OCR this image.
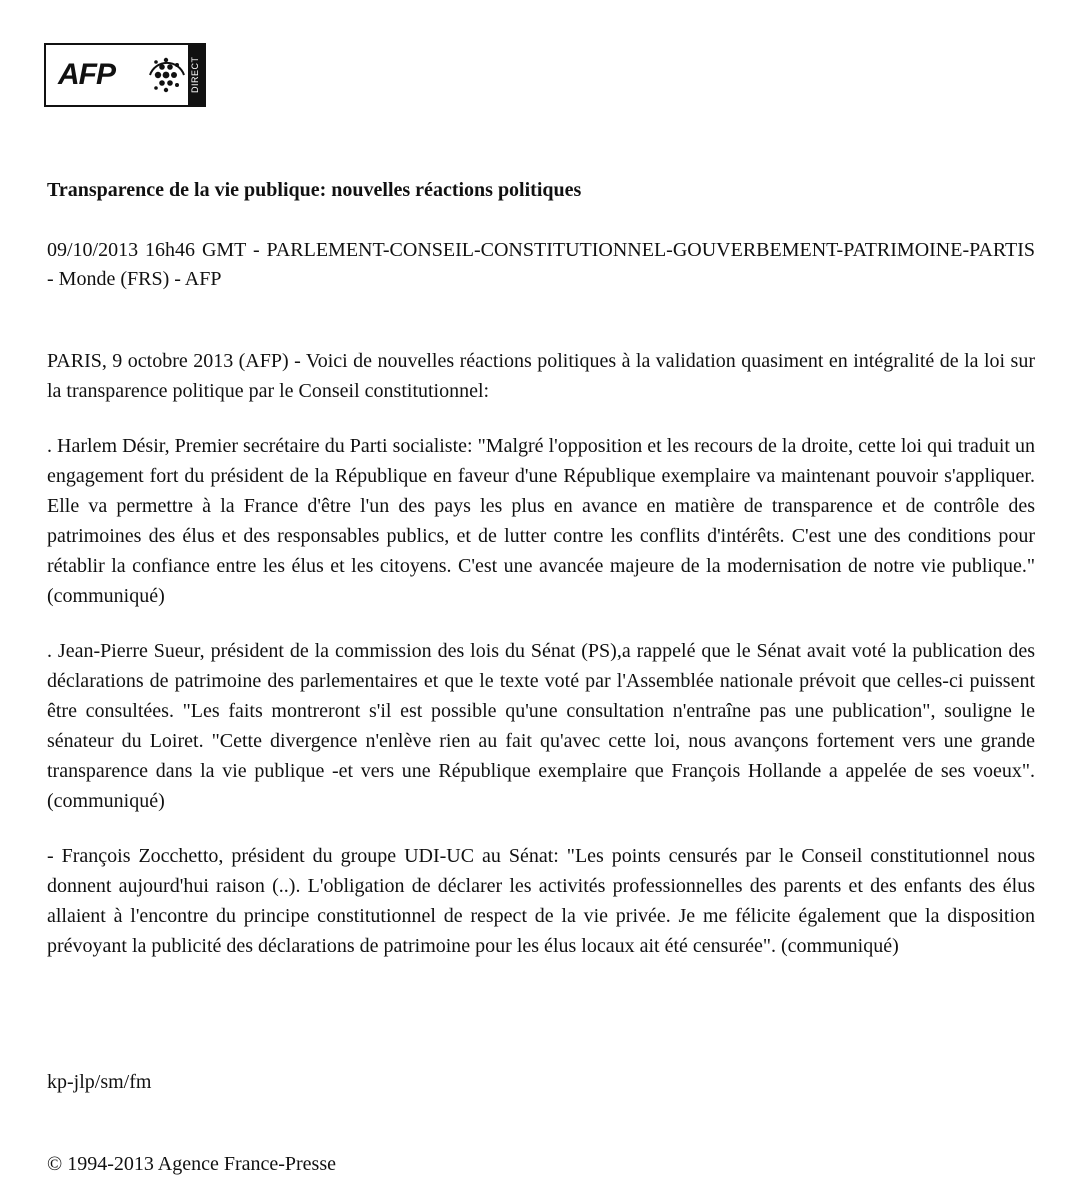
AFP	DIRECT
Transparence de la vie publique: nouvelles réactions politiques

09/10/2013 16h46 GMT - PARLEMENT-CONSEIL-CONSTITUTIONNEL-GOUVERBEMENT-PATRIMOINE-PARTIS - Monde (FRS) - AFP

PARIS, 9 octobre 2013 (AFP) - Voici de nouvelles réactions politiques à la validation quasiment en intégralité de la loi sur la transparence politique par le Conseil constitutionnel:

. Harlem Désir, Premier secrétaire du Parti socialiste: "Malgré l'opposition et les recours de la droite, cette loi qui traduit un engagement fort du président de la République en faveur d'une République exemplaire va maintenant pouvoir s'appliquer. Elle va permettre à la France d'être l'un des pays les plus en avance en matière de transparence et de contrôle des patrimoines des élus et des responsables publics, et de lutter contre les conflits d'intérêts. C'est une des conditions pour rétablir la confiance entre les élus et les citoyens. C'est une avancée majeure de la modernisation de notre vie publique." (communiqué)

. Jean-Pierre Sueur, président de la commission des lois du Sénat (PS),a rappelé que le Sénat avait voté la publication des déclarations de patrimoine des parlementaires et que le texte voté par l'Assemblée nationale prévoit que celles-ci puissent être consultées. "Les faits montreront s'il est possible qu'une consultation n'entraîne pas une publication", souligne le sénateur du Loiret. "Cette divergence n'enlève rien au fait qu'avec cette loi, nous avançons fortement vers une grande transparence dans la vie publique -et vers une République exemplaire que François Hollande a appelée de ses voeux". (communiqué)

- François Zocchetto, président du groupe UDI-UC au Sénat: "Les points censurés par le Conseil constitutionnel nous donnent aujourd'hui raison (..). L'obligation de déclarer les activités professionnelles des parents et des enfants des élus allaient à l'encontre du principe constitutionnel de respect de la vie privée. Je me félicite également que la disposition prévoyant la publicité des déclarations de patrimoine pour les élus locaux ait été censurée". (communiqué)

kp-jlp/sm/fm

© 1994-2013 Agence France-Presse
